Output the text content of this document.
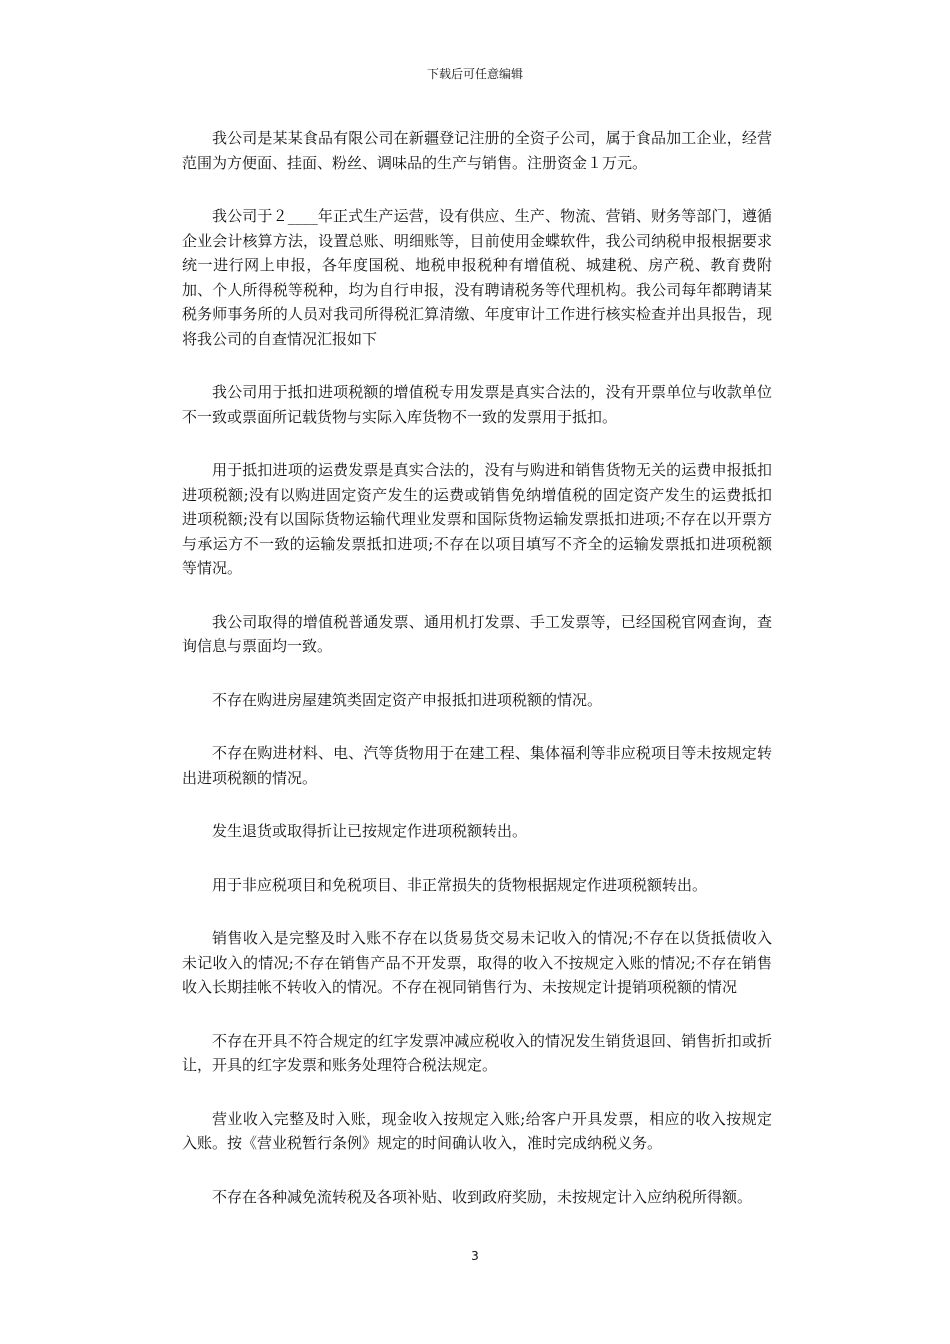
下载后可任意编辑

我公司是某某食品有限公司在新疆登记注册的全资子公司，属于食品加工企业，经营范围为方便面、挂面、粉丝、调味品的生产与销售。注册资金１万元。

我公司于２____年正式生产运营，设有供应、生产、物流、营销、财务等部门，遵循企业会计核算方法，设置总账、明细账等，目前使用金蝶软件，我公司纳税申报根据要求统一进行网上申报，各年度国税、地税申报税种有增值税、城建税、房产税、教育费附加、个人所得税等税种，均为自行申报，没有聘请税务等代理机构。我公司每年都聘请某税务师事务所的人员对我司所得税汇算清缴、年度审计工作进行核实检查并出具报告，现将我公司的自查情况汇报如下

我公司用于抵扣进项税额的增值税专用发票是真实合法的，没有开票单位与收款单位不一致或票面所记载货物与实际入库货物不一致的发票用于抵扣。

用于抵扣进项的运费发票是真实合法的，没有与购进和销售货物无关的运费申报抵扣进项税额;没有以购进固定资产发生的运费或销售免纳增值税的固定资产发生的运费抵扣进项税额;没有以国际货物运输代理业发票和国际货物运输发票抵扣进项;不存在以开票方与承运方不一致的运输发票抵扣进项;不存在以项目填写不齐全的运输发票抵扣进项税额等情况。

我公司取得的增值税普通发票、通用机打发票、手工发票等，已经国税官网查询，查询信息与票面均一致。

不存在购进房屋建筑类固定资产申报抵扣进项税额的情况。

不存在购进材料、电、汽等货物用于在建工程、集体福利等非应税项目等未按规定转出进项税额的情况。

发生退货或取得折让已按规定作进项税额转出。

用于非应税项目和免税项目、非正常损失的货物根据规定作进项税额转出。

销售收入是完整及时入账不存在以货易货交易未记收入的情况;不存在以货抵债收入未记收入的情况;不存在销售产品不开发票，取得的收入不按规定入账的情况;不存在销售收入长期挂帐不转收入的情况。不存在视同销售行为、未按规定计提销项税额的情况

不存在开具不符合规定的红字发票冲减应税收入的情况发生销货退回、销售折扣或折让，开具的红字发票和账务处理符合税法规定。

营业收入完整及时入账，现金收入按规定入账;给客户开具发票，相应的收入按规定入账。按《营业税暂行条例》规定的时间确认收入，准时完成纳税义务。

不存在各种减免流转税及各项补贴、收到政府奖励，未按规定计入应纳税所得额。

3
